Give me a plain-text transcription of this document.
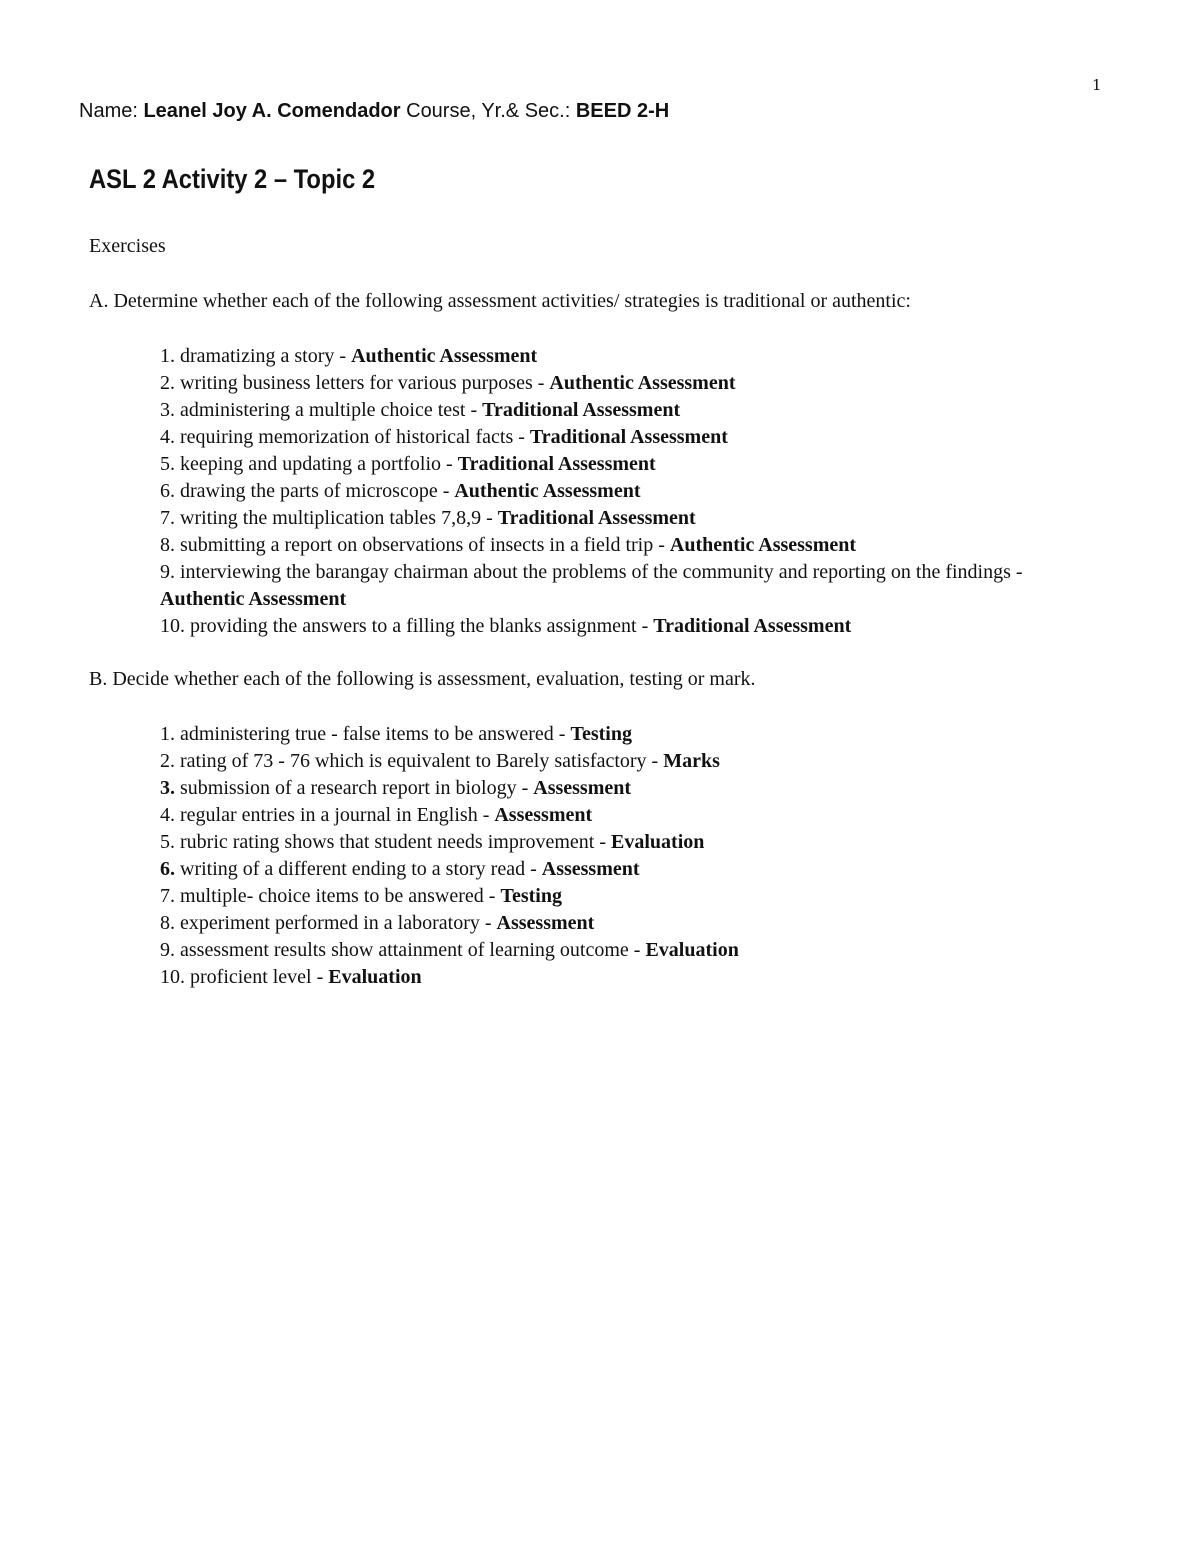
1
Name: Leanel Joy A. Comendador Course, Yr.& Sec.: BEED 2-H
ASL 2 Activity 2 – Topic 2
Exercises
A. Determine whether each of the following assessment activities/ strategies is traditional or authentic:
1. dramatizing a story - Authentic Assessment
2. writing business letters for various purposes - Authentic Assessment
3. administering a multiple choice test - Traditional Assessment
4. requiring memorization of historical facts - Traditional Assessment
5. keeping and updating a portfolio - Traditional Assessment
6. drawing the parts of microscope - Authentic Assessment
7. writing the multiplication tables 7,8,9 - Traditional Assessment
8. submitting a report on observations of insects in a field trip - Authentic Assessment
9. interviewing the barangay chairman about the problems of the community and reporting on the findings - Authentic Assessment
10. providing the answers to a filling the blanks assignment - Traditional Assessment
B. Decide whether each of the following is assessment, evaluation, testing or mark.
1. administering true - false items to be answered - Testing
2. rating of 73 - 76 which is equivalent to Barely satisfactory - Marks
3. submission of a research report in biology - Assessment
4. regular entries in a journal in English - Assessment
5. rubric rating shows that student needs improvement - Evaluation
6. writing of a different ending to a story read - Assessment
7. multiple- choice items to be answered - Testing
8. experiment performed in a laboratory - Assessment
9. assessment results show attainment of learning outcome - Evaluation
10. proficient level - Evaluation
